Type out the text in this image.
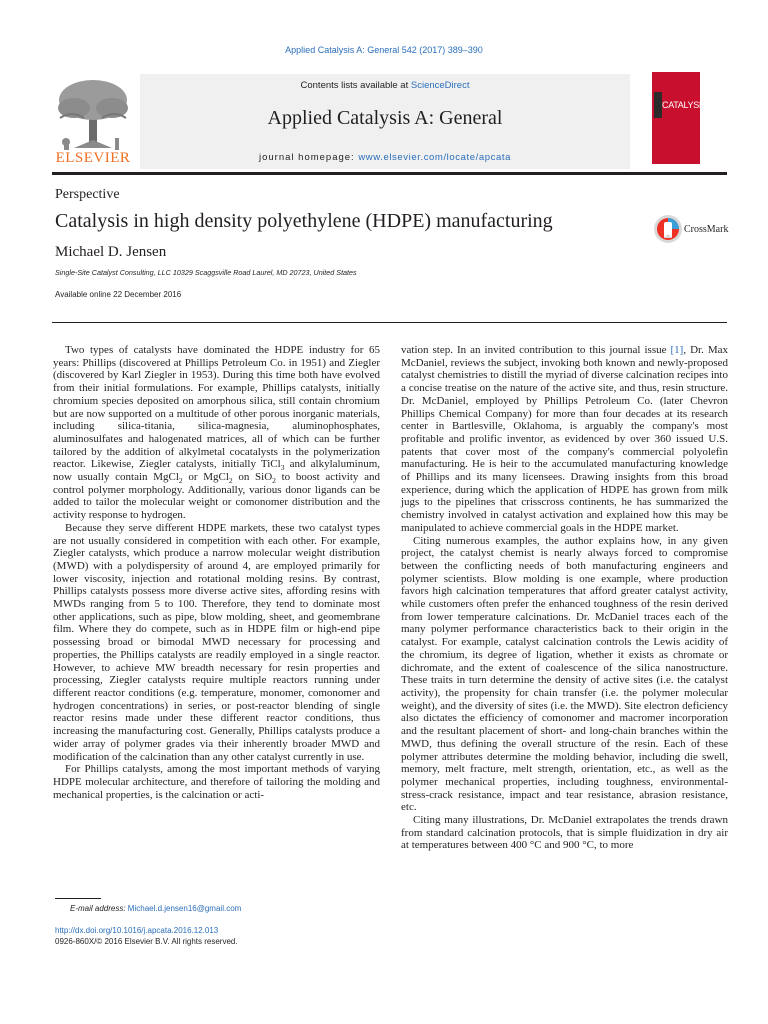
Applied Catalysis A: General 542 (2017) 389–390
ELSEVIER
Contents lists available at ScienceDirect
Applied Catalysis A: General
journal homepage: www.elsevier.com/locate/apcata
CATALYSIS
Perspective
Catalysis in high density polyethylene (HDPE) manufacturing
Michael D. Jensen
Single-Site Catalyst Consulting, LLC 10329 Scaggsville Road Laurel, MD 20723, United States
Available online 22 December 2016
CrossMark

Two types of catalysts have dominated the HDPE industry for 65 years: Phillips (discovered at Phillips Petroleum Co. in 1951) and Ziegler (discovered by Karl Ziegler in 1953). During this time both have evolved from their initial formulations. For example, Phillips catalysts, initially chromium species deposited on amorphous silica, still contain chromium but are now supported on a multitude of other porous inorganic materials, including silica-titania, silica-magnesia, aluminophosphates, aluminosulfates and halogenated matrices, all of which can be further tailored by the addition of alkylmetal cocatalysts in the polymerization reactor. Likewise, Ziegler catalysts, initially TiCl$_3$ and alkylaluminum, now usually contain MgCl$_2$ or MgCl$_2$ on SiO$_2$ to boost activity and control polymer morphology. Additionally, various donor ligands can be added to tailor the molecular weight or comonomer distribution and the activity response to hydrogen.

Because they serve different HDPE markets, these two catalyst types are not usually considered in competition with each other. For example, Ziegler catalysts, which produce a narrow molecular weight distribution (MWD) with a polydispersity of around 4, are employed primarily for lower viscosity, injection and rotational molding resins. By contrast, Phillips catalysts possess more diverse active sites, affording resins with MWDs ranging from 5 to 100. Therefore, they tend to dominate most other applications, such as pipe, blow molding, sheet, and geomembrane film. Where they do compete, such as in HDPE film or high-end pipe possessing broad or bimodal MWD necessary for processing and properties, the Phillips catalysts are readily employed in a single reactor. However, to achieve MW breadth necessary for resin properties and processing, Ziegler catalysts require multiple reactors running under different reactor conditions (e.g. temperature, monomer, comonomer and hydrogen concentrations) in series, or post-reactor blending of single reactor resins made under these different reactor conditions, thus increasing the manufacturing cost. Generally, Phillips catalysts produce a wider array of polymer grades via their inherently broader MWD and modification of the calcination than any other catalyst currently in use.

For Phillips catalysts, among the most important methods of varying HDPE molecular architecture, and therefore of tailoring the molding and mechanical properties, is the calcination or acti-

vation step. In an invited contribution to this journal issue [1], Dr. Max McDaniel, reviews the subject, invoking both known and newly-proposed catalyst chemistries to distill the myriad of diverse calcination recipes into a concise treatise on the nature of the active site, and thus, resin structure. Dr. McDaniel, employed by Phillips Petroleum Co. (later Chevron Phillips Chemical Company) for more than four decades at its research center in Bartlesville, Oklahoma, is arguably the company's most profitable and prolific inventor, as evidenced by over 360 issued U.S. patents that cover most of the company's commercial polyolefin manufacturing. He is heir to the accumulated manufacturing knowledge of Phillips and its many licensees. Drawing insights from this broad experience, during which the application of HDPE has grown from milk jugs to the pipelines that crisscross continents, he has summarized the chemistry involved in catalyst activation and explained how this may be manipulated to achieve commercial goals in the HDPE market.

Citing numerous examples, the author explains how, in any given project, the catalyst chemist is nearly always forced to compromise between the conflicting needs of both manufacturing engineers and polymer scientists. Blow molding is one example, where production favors high calcination temperatures that afford greater catalyst activity, while customers often prefer the enhanced toughness of the resin derived from lower temperature calcinations. Dr. McDaniel traces each of the many polymer performance characteristics back to their origin in the catalyst. For example, catalyst calcination controls the Lewis acidity of the chromium, its degree of ligation, whether it exists as chromate or dichromate, and the extent of coalescence of the silica nanostructure. These traits in turn determine the density of active sites (i.e. the catalyst activity), the propensity for chain transfer (i.e. the polymer molecular weight), and the diversity of sites (i.e. the MWD). Site electron deficiency also dictates the efficiency of comonomer and macromer incorporation and the resultant placement of short- and long-chain branches within the MWD, thus defining the overall structure of the resin. Each of these polymer attributes determine the molding behavior, including die swell, memory, melt fracture, melt strength, orientation, etc., as well as the polymer mechanical properties, including toughness, environmental-stress-crack resistance, impact and tear resistance, abrasion resistance, etc.

Citing many illustrations, Dr. McDaniel extrapolates the trends drawn from standard calcination protocols, that is simple fluidization in dry air at temperatures between 400 °C and 900 °C, to more

E-mail address: Michael.d.jensen16@gmail.com
http://dx.doi.org/10.1016/j.apcata.2016.12.013
0926-860X/© 2016 Elsevier B.V. All rights reserved.
